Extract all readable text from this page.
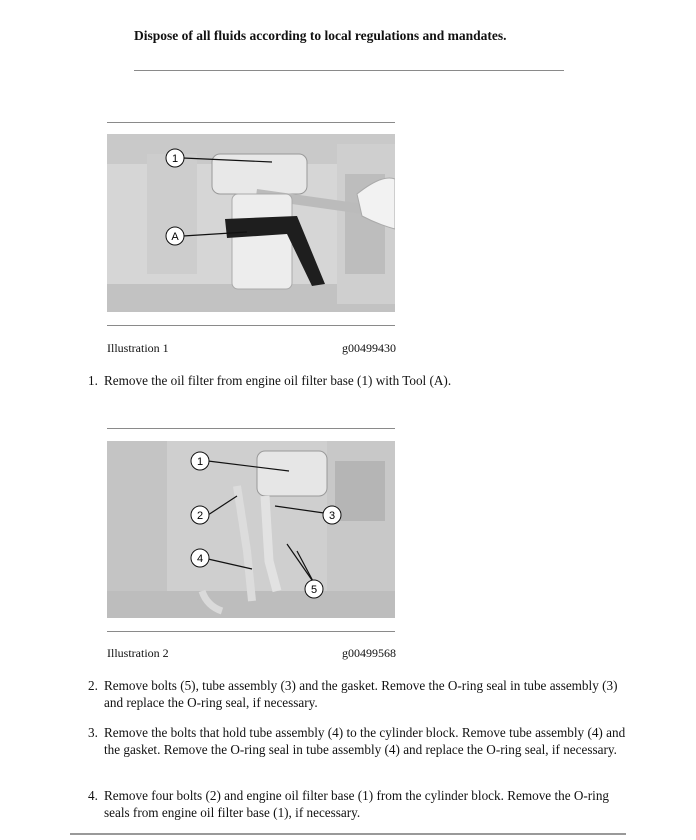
Dispose of all fluids according to local regulations and mandates.
1
A
Illustration 1	g00499430
1. Remove the oil filter from engine oil filter base (1) with Tool (A).
1
2	3
4
5
Illustration 2	g00499568
2. Remove bolts (5), tube assembly (3) and the gasket. Remove the O-ring seal in tube assembly (3) and replace the O-ring seal, if necessary.
3. Remove the bolts that hold tube assembly (4) to the cylinder block. Remove tube assembly (4) and the gasket. Remove the O-ring seal in tube assembly (4) and replace the O-ring seal, if necessary.
4. Remove four bolts (2) and engine oil filter base (1) from the cylinder block. Remove the O-ring seals from engine oil filter base (1), if necessary.
